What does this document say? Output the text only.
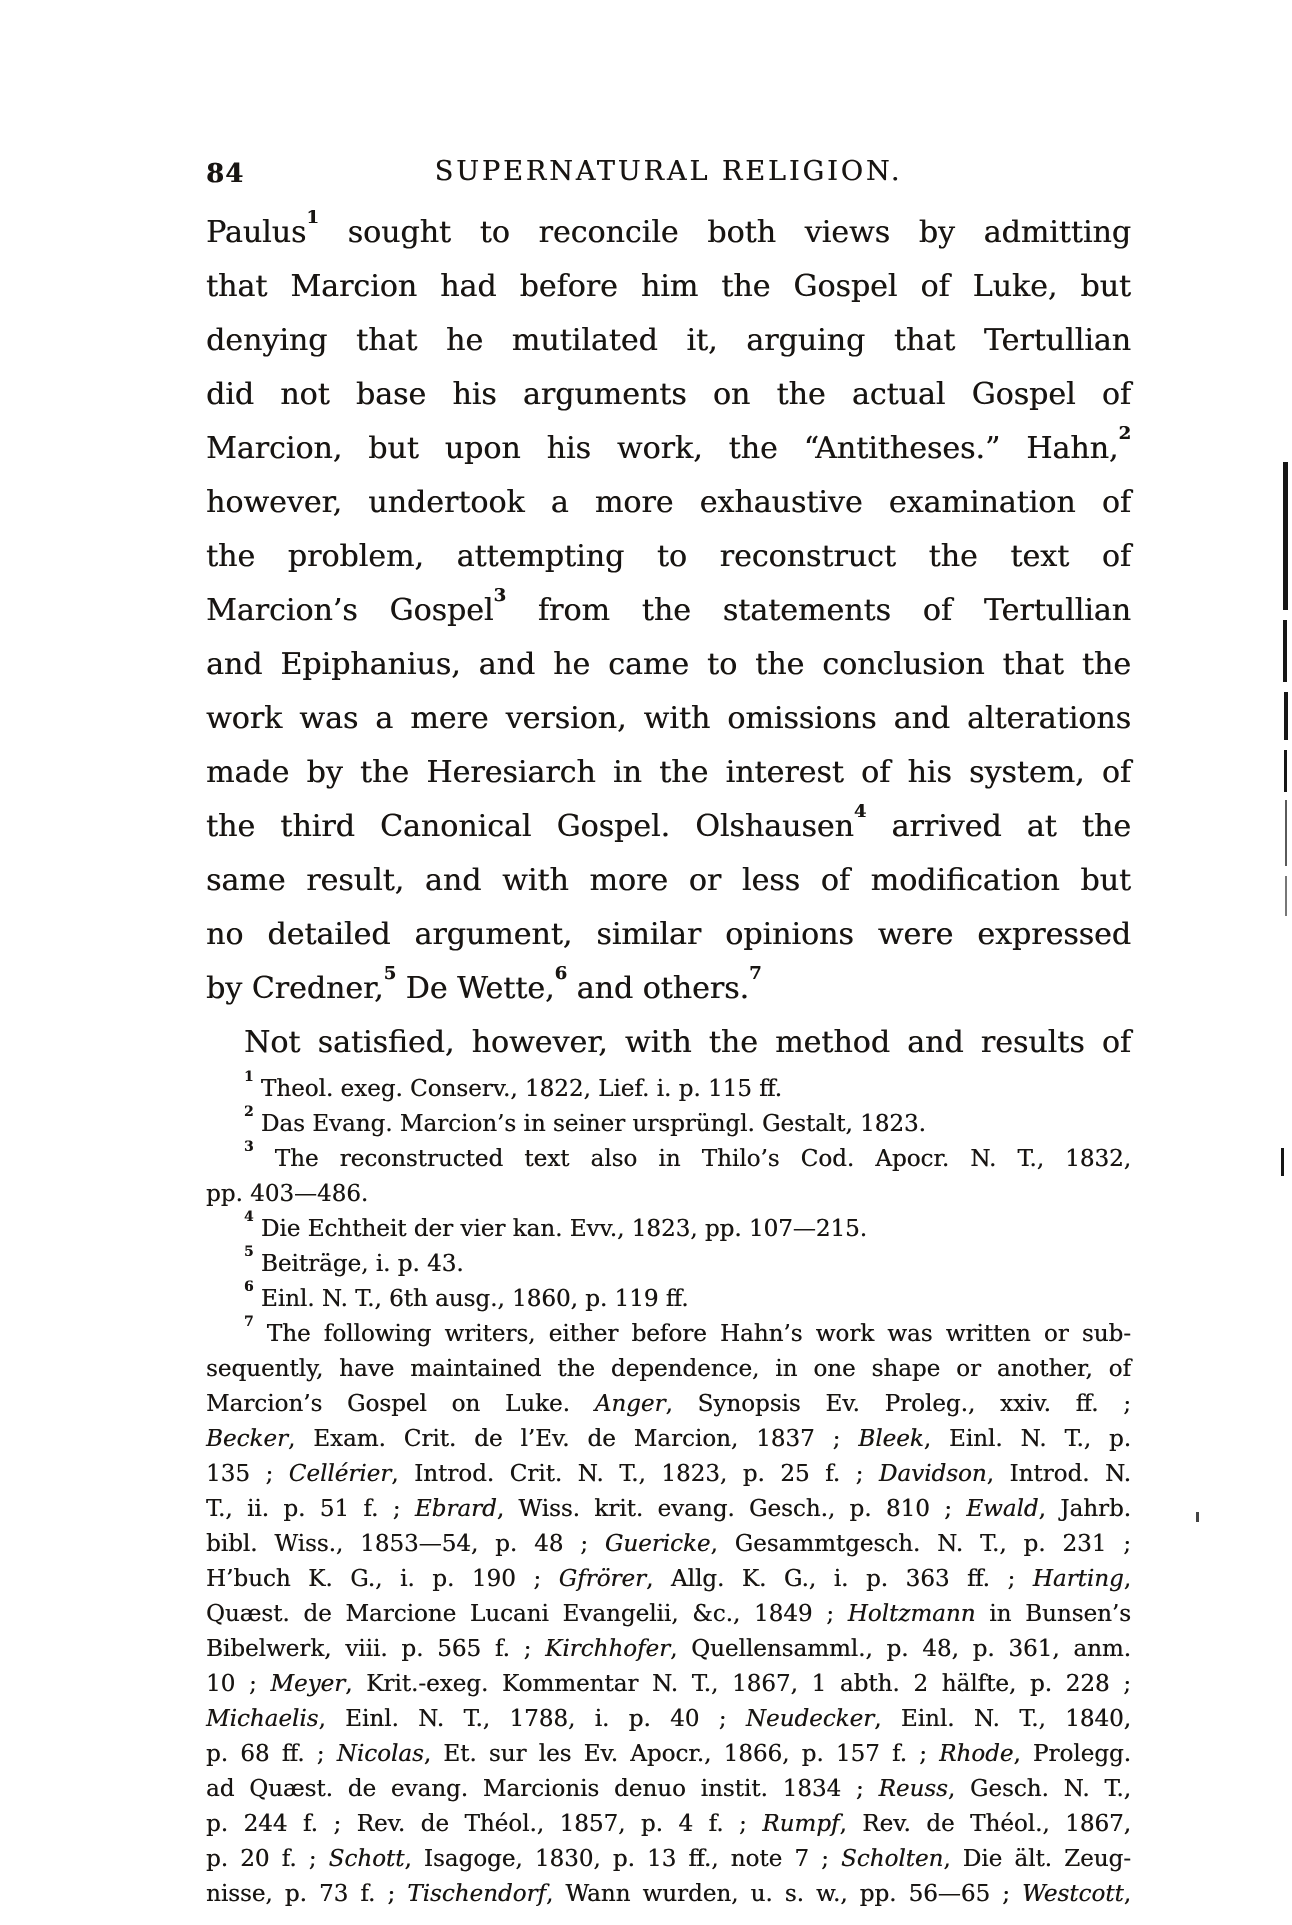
84	SUPERNATURAL RELIGION.
Paulus$^1$ sought to reconcile both views by admitting
that Marcion had before him the Gospel of Luke, but
denying that he mutilated it, arguing that Tertullian
did not base his arguments on the actual Gospel of
Marcion, but upon his work, the “Antitheses.” Hahn,$^2$
however, undertook a more exhaustive examination of
the problem, attempting to reconstruct the text of
Marcion’s Gospel$^3$ from the statements of Tertullian
and Epiphanius, and he came to the conclusion that the
work was a mere version, with omissions and alterations
made by the Heresiarch in the interest of his system, of
the third Canonical Gospel. Olshausen$^4$ arrived at the
same result, and with more or less of modification but
no detailed argument, similar opinions were expressed
by Credner,$^5$ De Wette,$^6$ and others.$^7$
Not satisfied, however, with the method and results of
$^1$ Theol. exeg. Conserv., 1822, Lief. i. p. 115 ff.
$^2$ Das Evang. Marcion’s in seiner ursprüngl. Gestalt, 1823.
$^3$ The reconstructed text also in Thilo’s Cod. Apocr. N. T., 1832,
pp. 403—486.
$^4$ Die Echtheit der vier kan. Evv., 1823, pp. 107—215.
$^5$ Beiträge, i. p. 43.
$^6$ Einl. N. T., 6th ausg., 1860, p. 119 ff.
$^7$ The following writers, either before Hahn’s work was written or sub-
sequently, have maintained the dependence, in one shape or another, of
Marcion’s Gospel on Luke. Anger, Synopsis Ev. Proleg., xxiv. ff. ;
Becker, Exam. Crit. de l’Ev. de Marcion, 1837 ; Bleek, Einl. N. T., p.
135 ; Cellérier, Introd. Crit. N. T., 1823, p. 25 f. ; Davidson, Introd. N.
T., ii. p. 51 f. ; Ebrard, Wiss. krit. evang. Gesch., p. 810 ; Ewald, Jahrb.
bibl. Wiss., 1853—54, p. 48 ; Guericke, Gesammtgesch. N. T., p. 231 ;
H’buch K. G., i. p. 190 ; Gfrörer, Allg. K. G., i. p. 363 ff. ; Harting,
Quæst. de Marcione Lucani Evangelii, &c., 1849 ; Holtzmann in Bunsen’s
Bibelwerk, viii. p. 565 f. ; Kirchhofer, Quellensamml., p. 48, p. 361, anm.
10 ; Meyer, Krit.-exeg. Kommentar N. T., 1867, 1 abth. 2 hälfte, p. 228 ;
Michaelis, Einl. N. T., 1788, i. p. 40 ; Neudecker, Einl. N. T., 1840,
p. 68 ff. ; Nicolas, Et. sur les Ev. Apocr., 1866, p. 157 f. ; Rhode, Prolegg.
ad Quæst. de evang. Marcionis denuo instit. 1834 ; Reuss, Gesch. N. T.,
p. 244 f. ; Rev. de Théol., 1857, p. 4 f. ; Rumpf, Rev. de Théol., 1867,
p. 20 f. ; Schott, Isagoge, 1830, p. 13 ff., note 7 ; Scholten, Die ält. Zeug-
nisse, p. 73 f. ; Tischendorf, Wann wurden, u. s. w., pp. 56—65 ; Westcott,
